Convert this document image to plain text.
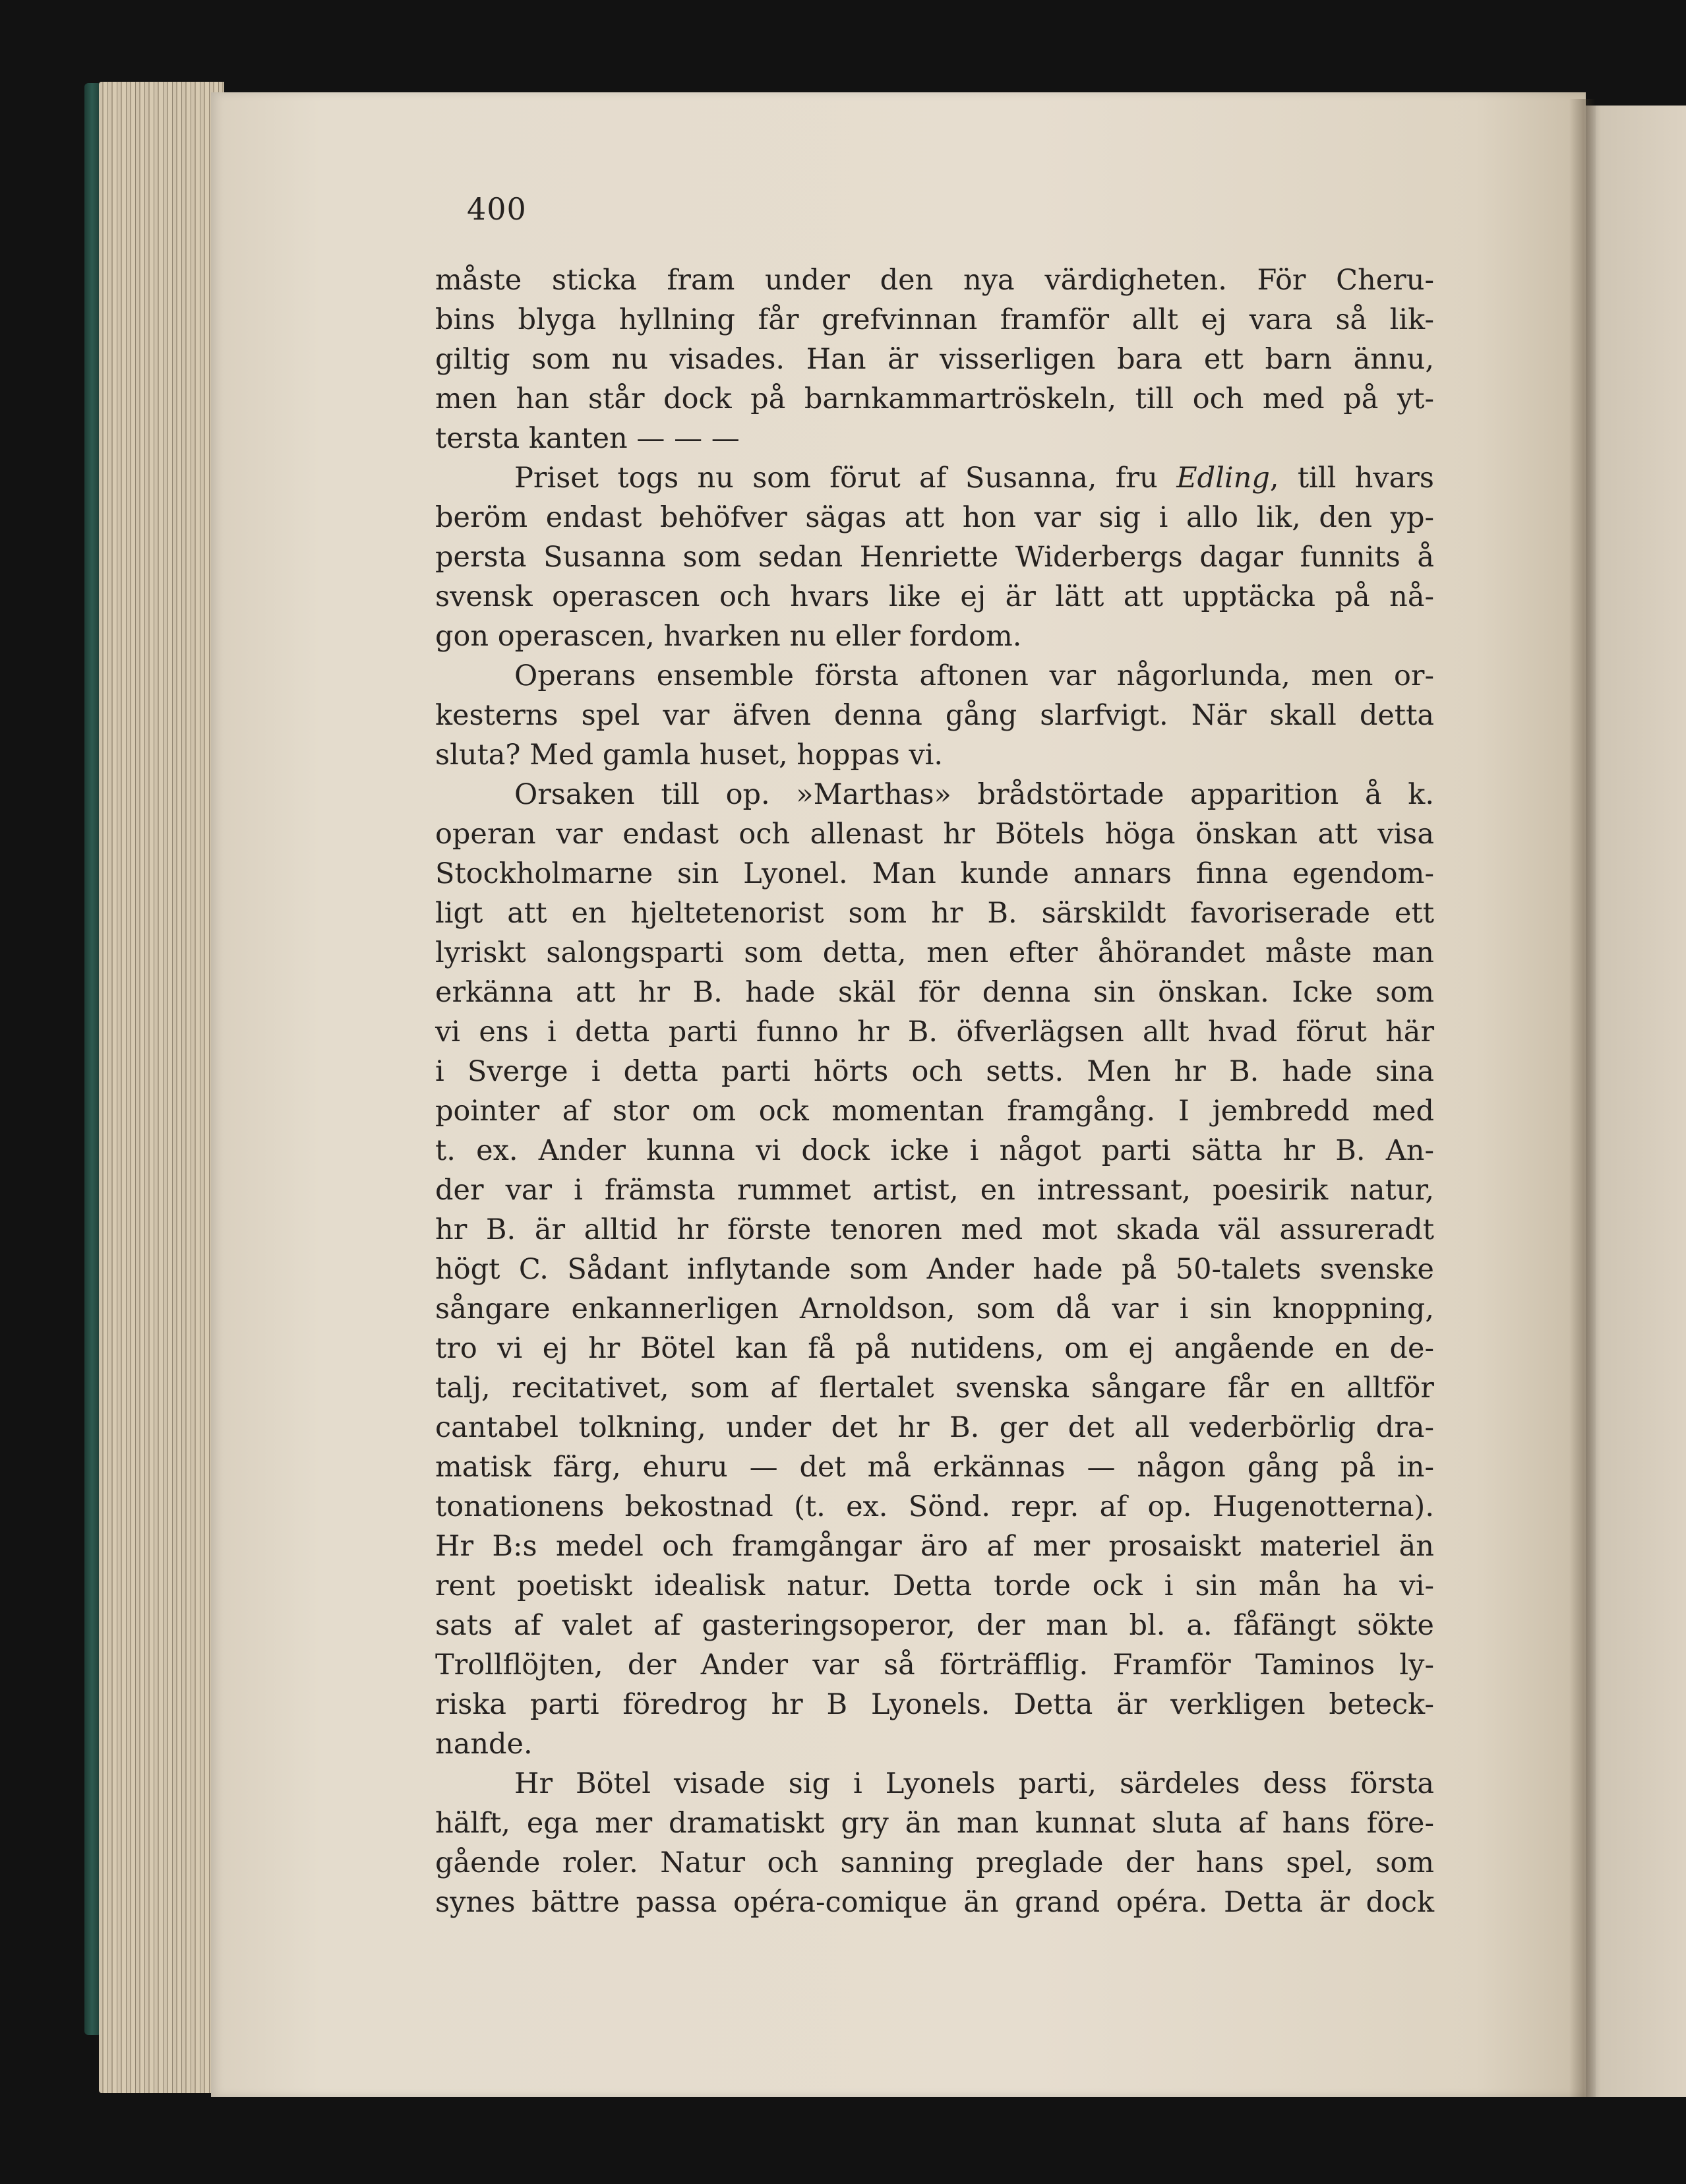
400
måste sticka fram under den nya värdigheten. För Cheru-
bins blyga hyllning får grefvinnan framför allt ej vara så lik-
giltig som nu visades. Han är visserligen bara ett barn ännu,
men han står dock på barnkammartröskeln, till och med på yt-
tersta kanten — — —
Priset togs nu som förut af Susanna, fru Edling, till hvars
beröm endast behöfver sägas att hon var sig i allo lik, den yp-
persta Susanna som sedan Henriette Widerbergs dagar funnits å
svensk operascen och hvars like ej är lätt att upptäcka på nå-
gon operascen, hvarken nu eller fordom.
Operans ensemble första aftonen var någorlunda, men or-
kesterns spel var äfven denna gång slarfvigt. När skall detta
sluta? Med gamla huset, hoppas vi.
Orsaken till op. »Marthas» brådstörtade apparition å k.
operan var endast och allenast hr Bötels höga önskan att visa
Stockholmarne sin Lyonel. Man kunde annars finna egendom-
ligt att en hjeltetenorist som hr B. särskildt favoriserade ett
lyriskt salongsparti som detta, men efter åhörandet måste man
erkänna att hr B. hade skäl för denna sin önskan. Icke som
vi ens i detta parti funno hr B. öfverlägsen allt hvad förut här
i Sverge i detta parti hörts och setts. Men hr B. hade sina
pointer af stor om ock momentan framgång. I jembredd med
t. ex. Ander kunna vi dock icke i något parti sätta hr B. An-
der var i främsta rummet artist, en intressant, poesirik natur,
hr B. är alltid hr förste tenoren med mot skada väl assureradt
högt C. Sådant inflytande som Ander hade på 50-talets svenske
sångare enkannerligen Arnoldson, som då var i sin knoppning,
tro vi ej hr Bötel kan få på nutidens, om ej angående en de-
talj, recitativet, som af flertalet svenska sångare får en alltför
cantabel tolkning, under det hr B. ger det all vederbörlig dra-
matisk färg, ehuru — det må erkännas — någon gång på in-
tonationens bekostnad (t. ex. Sönd. repr. af op. Hugenotterna).
Hr B:s medel och framgångar äro af mer prosaiskt materiel än
rent poetiskt idealisk natur. Detta torde ock i sin mån ha vi-
sats af valet af gasteringsoperor, der man bl. a. fåfängt sökte
Trollflöjten, der Ander var så förträfflig. Framför Taminos ly-
riska parti föredrog hr B Lyonels. Detta är verkligen beteck-
nande.
Hr Bötel visade sig i Lyonels parti, särdeles dess första
hälft, ega mer dramatiskt gry än man kunnat sluta af hans före-
gående roler. Natur och sanning preglade der hans spel, som
synes bättre passa opéra-comique än grand opéra. Detta är dock
